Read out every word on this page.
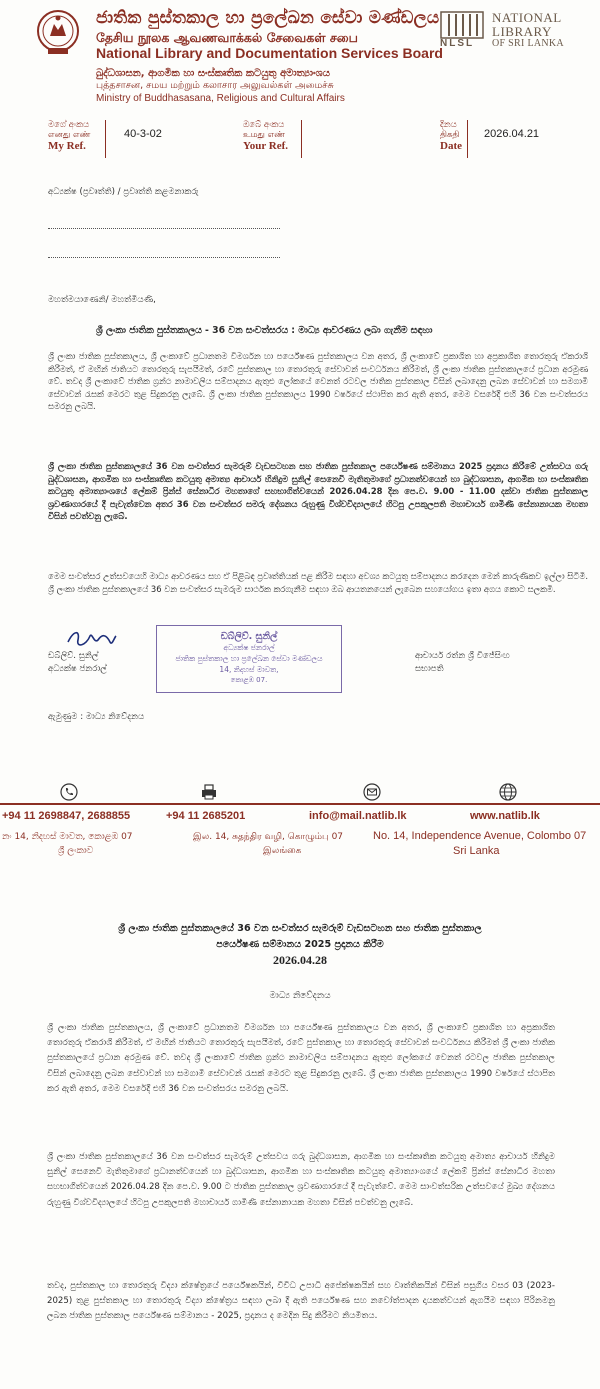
ජාතික පුස්තකාල හා ප්‍රලේඛන සේවා මණ්ඩලය
தேசிய நூலக ஆவணவாக்கல் சேவைகள் சபை
National Library and Documentation Services Board
බුද්ධශාසන, ආගමික හා සංස්කෘතික කටයුතු අමාත්‍යාංශය
புத்தசாசன, சமய மற்றும் கலாசார அலுவல்கள் அமைச்சு
Ministry of Buddhasasana, Religious and Cultural Affairs
NLSL
NATIONAL
LIBRARY
OF SRI LANKA
මගේ අංකය
எனது எண்
My Ref.
40-3-02
ඔබේ අංකය
உமது எண்
Your Ref.
දිනය
திகதி
Date
2026.04.21
අධ්‍යක්ෂ (ප්‍රවෘත්ති) / ප්‍රවෘත්ති කළමනාකරු
මහත්මයාණෙනි/ මහත්මියණි,
ශ්‍රී ලංකා ජාතික පුස්තකාලය - 36 වන සංවත්සරය : මාධ්‍ය ආවරණය ලබා ගැනීම සඳහා
ශ්‍රී ලංකා ජාතික පුස්තකාලය, ශ්‍රී ලංකාවේ ප්‍රධානතම විමර්ශන හා පර්යේෂණ පුස්තකාලය වන අතර, ශ්‍රී ලංකාවේ ප්‍රකාශිත හා අප්‍රකාශිත තොරතුරු ඒකරාශි කිරීමත්, ඒ මඟින් ජාතියට තොරතුරු සැපයීමත්, රටේ පුස්තකාල හා තොරතුරු සේවාවන් සංවර්ධනය කිරීමත්, ශ්‍රී ලංකා ජාතික පුස්තකාලයේ ප්‍රධාන අරමුණ වේ. තවද ශ්‍රී ලංකාවේ ජාතික ග්‍රන්ථ නාමාවලිය සම්පාදනය ඇතුළු ලෝකයේ වෙනත් රටවල ජාතික පුස්තකාල විසින් ලබාදෙනු ලබන සේවාවන් හා සමගාමී සේවාවන් රැසක් මෙරට තුළ සිදුකරනු ලැබේ. ශ්‍රී ලංකා ජාතික පුස්තකාලය 1990 වර්ෂයේ ස්ථාපිත කර ඇති අතර, මෙම වසරේදී එහි 36 වන සංවත්සරය සමරනු ලබයි.
ශ්‍රී ලංකා ජාතික පුස්තකාලයේ 36 වන සංවත්සර සැමරුම් වැඩසටහන සහ ජාතික පුස්තකාල පර්යේෂණ සම්මානය 2025 ප්‍රදානය කිරීමේ උත්සවය ගරු බුද්ධශාසන, ආගමික හා සංස්කෘතික කටයුතු අමාත්‍ය ආචාර්ය හිනිදුම සුනිල් සෙනෙවි මැතිතුමාගේ ප්‍රධානත්වයෙන් හා බුද්ධශාසන, ආගමික හා සංස්කෘතික කටයුතු අමාත්‍යාංශයේ ලේකම් ප්‍රින්ස් සේනාධීර මහතාගේ සහභාගිත්වයෙන් 2026.04.28 දින පෙ.ව. 9.00 - 11.00 දක්වා ජාතික පුස්තකාල ශ්‍රවණාගාරයේ දී පැවැත්වෙන අතර 36 වන සංවත්සර සමරු දේශනය රුහුණු විශ්වවිද්‍යාලයේ හිටපු උපකුලපති මහාචාර්ය ගාමිණී සේනානායක මහතා විසින් පවත්වනු ලැබේ.
මෙම සංවත්සර උත්සවයෙහි මාධ්‍ය ආවරණය සහ ඒ පිළිබඳ ප්‍රවෘත්තියක් පළ කිරීම සඳහා අවශ්‍ය කටයුතු සම්පාදනය කරදෙන මෙන් කාරුණිකව ඉල්ලා සිටිමි. ශ්‍රී ලංකා ජාතික පුස්තකාලයේ 36 වන සංවත්සර සැමරුම සාර්ථක කරගැනීම සඳහා ඔබ ආයතනයෙන් ලැබෙන සහයෝගය ඉතා අගය කොට සලකමි.
ඩබ්ලිව්. සුනිල්
අධ්‍යක්ෂ ජනරාල්
ඩබ්ලිව්. සුනිල්
අධ්‍යක්ෂ ජනරාල්
ජාතික පුස්තකාල හා ප්‍රලේඛන සේවා මණ්ඩලය
14, නිදහස් මාවත,
කොළඹ 07.
ආචාර්ය රත්න ශ්‍රී විජේසිංහ
සභාපති
ඇමුණුම : මාධ්‍ය නිවේදනය
+94 11 2698847, 2688855	+94 11 2685201	info@mail.natlib.lk	www.natlib.lk
නං 14, නිදහස් මාවත, කොළඹ 07
ශ්‍රී ලංකාව
இல. 14, சுதந்திர வழி, கொழும்பு 07
இலங்கை
No. 14, Independence Avenue, Colombo 07
Sri Lanka
ශ්‍රී ලංකා ජාතික පුස්තකාලයේ 36 වන සංවත්සර සැමරුම් වැඩසටහන සහ ජාතික පුස්තකාල
පර්යේෂණ සම්මානය 2025 ප්‍රදානය කිරීම
2026.04.28
මාධ්‍ය නිවේදනය
ශ්‍රී ලංකා ජාතික පුස්තකාලය, ශ්‍රී ලංකාවේ ප්‍රධානතම විමර්ශන හා පර්යේෂණ පුස්තකාලය වන අතර, ශ්‍රී ලංකාවේ ප්‍රකාශිත හා අප්‍රකාශිත තොරතුරු ඒකරාශි කිරීමත්, ඒ මඟින් ජාතියට තොරතුරු සැපයීමත්, රටේ පුස්තකාල හා තොරතුරු සේවාවන් සංවර්ධනය කිරීමත් ශ්‍රී ලංකා ජාතික පුස්තකාලයේ ප්‍රධාන අරමුණ වේ. තවද ශ්‍රී ලංකාවේ ජාතික ග්‍රන්ථ නාමාවලිය සම්පාදනය ඇතුළු ලෝකයේ වෙනත් රටවල ජාතික පුස්තකාල විසින් ලබාදෙනු ලබන සේවාවන් හා සමගාමී සේවාවන් රැසක් මෙරට තුළ සිදුකරනු ලැබේ. ශ්‍රී ලංකා ජාතික පුස්තකාලය 1990 වර්ෂයේ ස්ථාපිත කර ඇති අතර, මෙම වසරේදී එහි 36 වන සංවත්සරය සමරනු ලබයි.
ශ්‍රී ලංකා ජාතික පුස්තකාලයේ 36 වන සංවත්සර සැමරුම් උත්සවය ගරු බුද්ධශාසන, ආගමික හා සංස්කෘතික කටයුතු අමාත්‍ය ආචාර්ය හිනිදුම සුනිල් සෙනෙවි මැතිතුමාගේ ප්‍රධානත්වයෙන් හා බුද්ධශාසන, ආගමික හා සංස්කෘතික කටයුතු අමාත්‍යාංශයේ ලේකම් ප්‍රින්ස් සේනාධීර මහතා සහභාගිත්වයෙන් 2026.04.28 දින පෙ.ව. 9.00 ට ජාතික පුස්තකාල ශ්‍රවණාගාරයේ දී පැවැත්වේ. මෙම සාංවත්සරික උත්සවයේ මුඛ්‍ය දේශනය රුහුණු විශ්වවිද්‍යාලයේ හිටපු උපකුලපති මහාචාර්ය ගාමිණී සේනානායක මහතා විසින් පවත්වනු ලැබේ.
තවද, පුස්තකාල හා තොරතුරු විද්‍යා ක්ෂේත්‍රයේ පර්යේෂකයින්, විවිධ උපාධි අපේක්ෂකයින් සහ වෘත්තිකයින් විසින් පසුගිය වසර 03 (2023-2025) තුළ පුස්තකාල හා තොරතුරු විද්‍යා ක්ෂේත්‍රය සඳහා ලබා දී ඇති පර්යේෂණ සහ නවෝත්පාදන දායකත්වයන් ඇගයීම සඳහා පිරිනමනු ලබන ජාතික පුස්තකාල පර්යේෂණ සම්මානය - 2025, ප්‍රදානය ද මෙදින සිදු කිරීමට නියමිතය.
